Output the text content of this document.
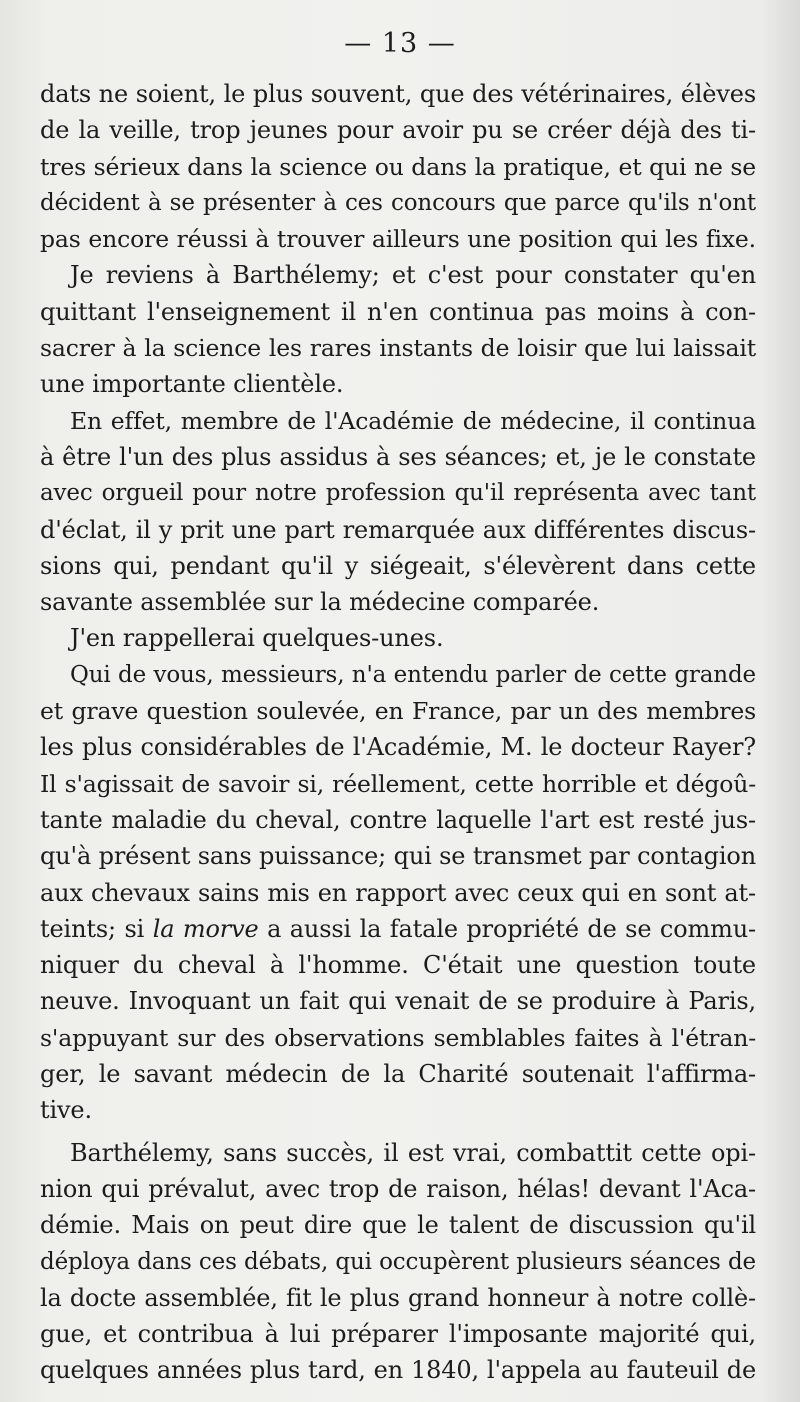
— 13 —
dats ne soient, le plus souvent, que des vétérinaires, élèves
de la veille, trop jeunes pour avoir pu se créer déjà des ti-
tres sérieux dans la science ou dans la pratique, et qui ne se
décident à se présenter à ces concours que parce qu'ils n'ont
pas encore réussi à trouver ailleurs une position qui les fixe.
Je reviens à Barthélemy; et c'est pour constater qu'en
quittant l'enseignement il n'en continua pas moins à con-
sacrer à la science les rares instants de loisir que lui laissait
une importante clientèle.
En effet, membre de l'Académie de médecine, il continua
à être l'un des plus assidus à ses séances; et, je le constate
avec orgueil pour notre profession qu'il représenta avec tant
d'éclat, il y prit une part remarquée aux différentes discus-
sions qui, pendant qu'il y siégeait, s'élevèrent dans cette
savante assemblée sur la médecine comparée.
J'en rappellerai quelques-unes.
Qui de vous, messieurs, n'a entendu parler de cette grande
et grave question soulevée, en France, par un des membres
les plus considérables de l'Académie, M. le docteur Rayer?
Il s'agissait de savoir si, réellement, cette horrible et dégoû-
tante maladie du cheval, contre laquelle l'art est resté jus-
qu'à présent sans puissance; qui se transmet par contagion
aux chevaux sains mis en rapport avec ceux qui en sont at-
teints; si la morve a aussi la fatale propriété de se commu-
niquer du cheval à l'homme. C'était une question toute
neuve. Invoquant un fait qui venait de se produire à Paris,
s'appuyant sur des observations semblables faites à l'étran-
ger, le savant médecin de la Charité soutenait l'affirma-
tive.
Barthélemy, sans succès, il est vrai, combattit cette opi-
nion qui prévalut, avec trop de raison, hélas! devant l'Aca-
démie. Mais on peut dire que le talent de discussion qu'il
déploya dans ces débats, qui occupèrent plusieurs séances de
la docte assemblée, fit le plus grand honneur à notre collè-
gue, et contribua à lui préparer l'imposante majorité qui,
quelques années plus tard, en 1840, l'appela au fauteuil de
